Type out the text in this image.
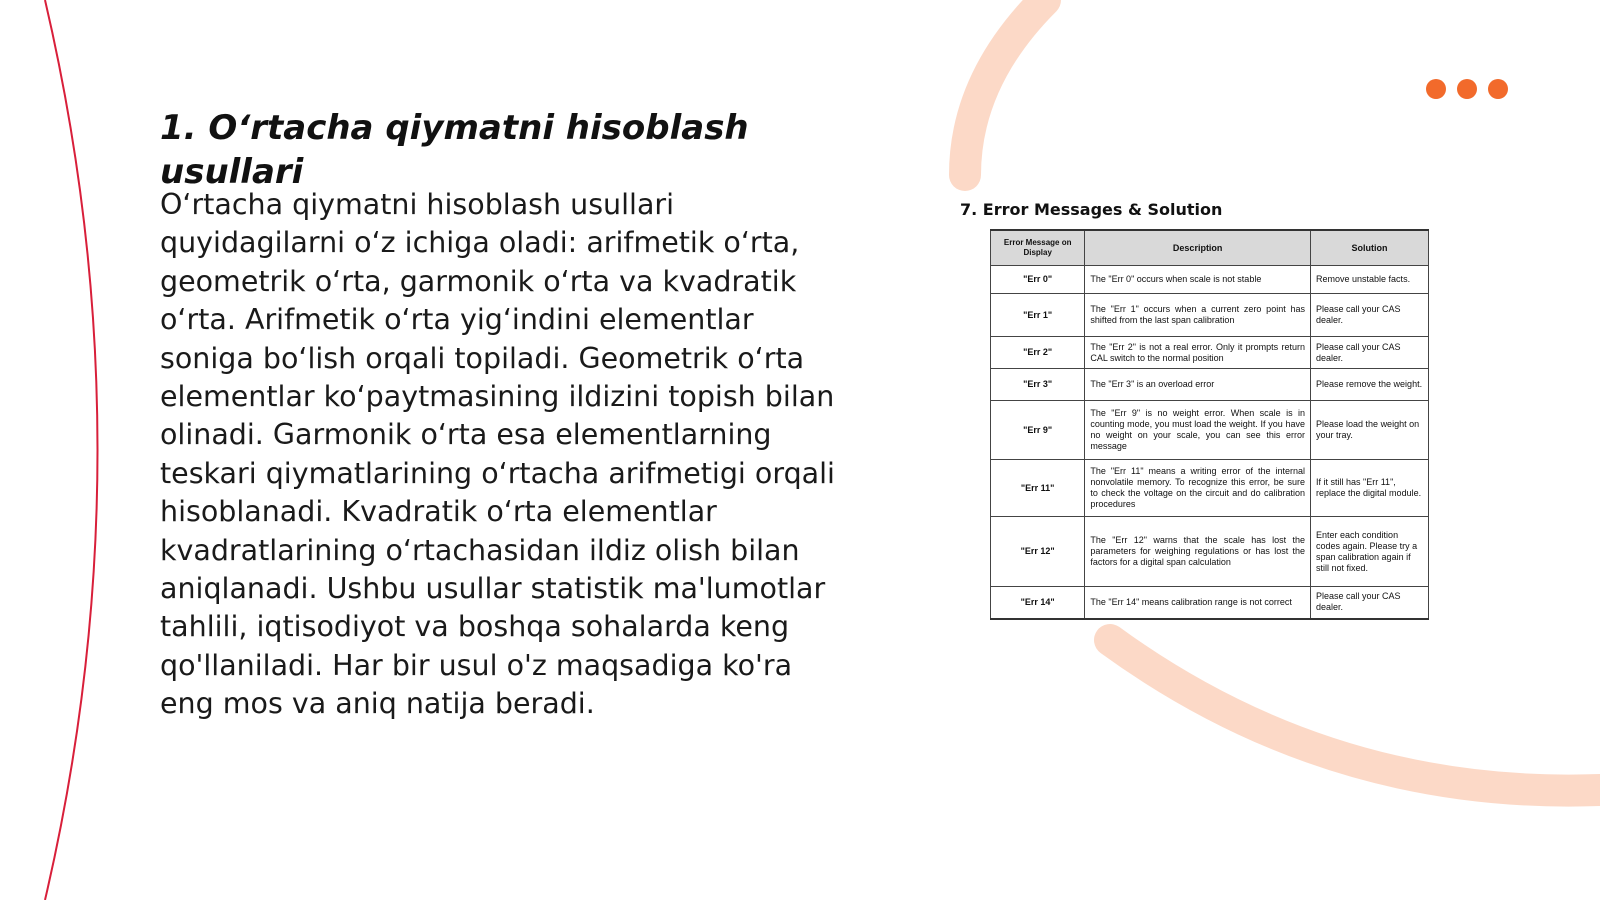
1. O‘rtacha qiymatni hisoblash usullari

O‘rtacha qiymatni hisoblash usullari quyidagilarni o‘z ichiga oladi: arifmetik o‘rta, geometrik o‘rta, garmonik o‘rta va kvadratik o‘rta. Arifmetik o‘rta yig‘indini elementlar soniga bo‘lish orqali topiladi. Geometrik o‘rta elementlar ko‘paytmasining ildizini topish bilan olinadi. Garmonik o‘rta esa elementlarning teskari qiymatlarining o‘rtacha arifmetigi orqali hisoblanadi. Kvadratik o‘rta elementlar kvadratlarining o‘rtachasidan ildiz olish bilan aniqlanadi. Ushbu usullar statistik ma'lumotlar tahlili, iqtisodiyot va boshqa sohalarda keng qo'llaniladi. Har bir usul o'z maqsadiga ko'ra eng mos va aniq natija beradi.

7. Error Messages & Solution
Error Message on Display	Description	Solution
"Err 0"	The "Err 0" occurs when scale is not stable	Remove unstable facts.
"Err 1"	The "Err 1" occurs when a current zero point has shifted from the last span calibration	Please call your CAS dealer.
"Err 2"	The "Err 2" is not a real error. Only it prompts return CAL switch to the normal position	Please call your CAS dealer.
"Err 3"	The "Err 3" is an overload error	Please remove the weight.
"Err 9"	The "Err 9" is no weight error. When scale is in counting mode, you must load the weight. If you have no weight on your scale, you can see this error message	Please load the weight on your tray.
"Err 11"	The "Err 11" means a writing error of the internal nonvolatile memory. To recognize this error, be sure to check the voltage on the circuit and do calibration procedures	If it still has "Err 11", replace the digital module.
"Err 12"	The "Err 12" warns that the scale has lost the parameters for weighing regulations or has lost the factors for a digital span calculation	Enter each condition codes again. Please try a span calibration again if still not fixed.
"Err 14"	The "Err 14" means calibration range is not correct	Please call your CAS dealer.
